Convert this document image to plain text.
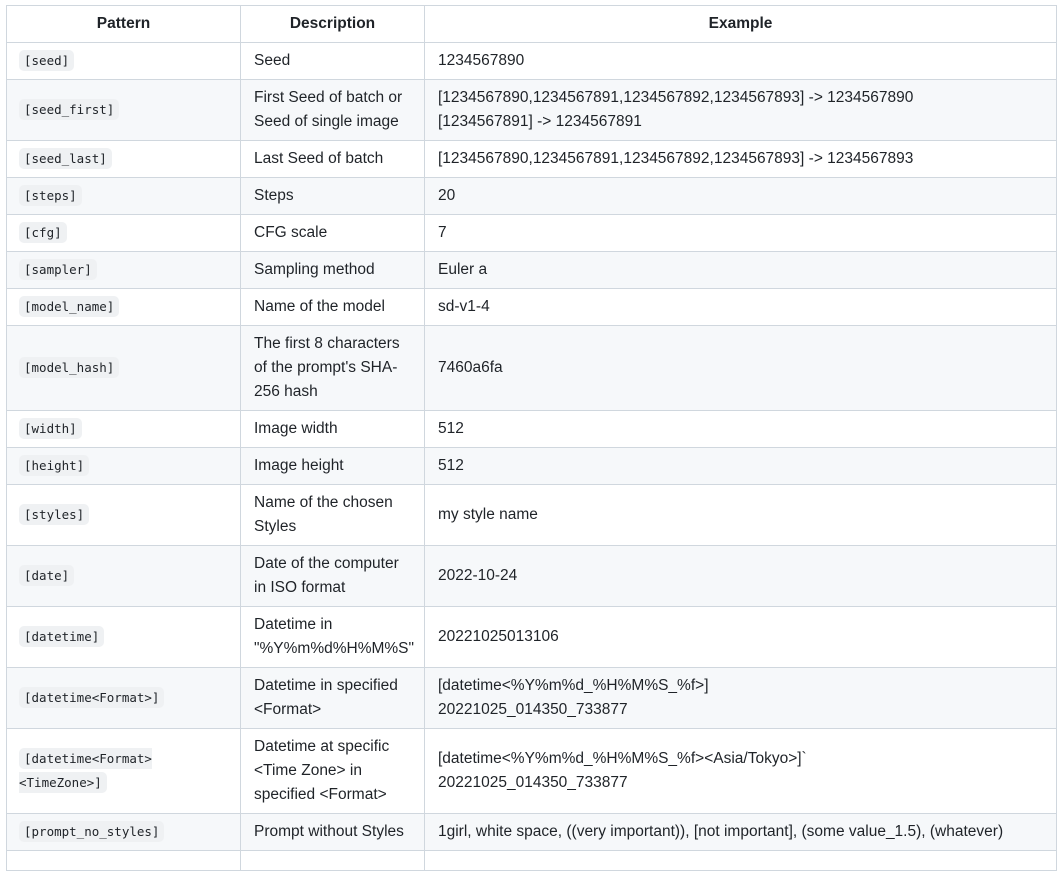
Pattern	Description	Example
[seed]	Seed	1234567890

[seed_first]	First Seed of batch or Seed of single image	[1234567890,1234567891,1234567892,1234567893] -> 1234567890
[1234567891] -> 1234567891

[seed_last]	Last Seed of batch	[1234567890,1234567891,1234567892,1234567893] -> 1234567893

[steps]	Steps	20

[cfg]	CFG scale	7

[sampler]	Sampling method	Euler a

[model_name]	Name of the model	sd-v1-4

[model_hash]	The first 8 characters of the prompt's SHA-256 hash	7460a6fa

[width]	Image width	512

[height]	Image height	512

[styles]	Name of the chosen Styles	my style name

[date]	Date of the computer in ISO format	2022-10-24

[datetime]	Datetime in "%Y%m%d%H%M%S"	20221025013106

[datetime<Format>]	Datetime in specified <Format>	[datetime<%Y%m%d_%H%M%S_%f>]
20221025_014350_733877

[datetime<Format><TimeZone>]	Datetime at specific <Time Zone> in specified <Format>	[datetime<%Y%m%d_%H%M%S_%f><Asia/Tokyo>]`
20221025_014350_733877

[prompt_no_styles]	Prompt without Styles	1girl, white space, ((very important)), [not important], (some value_1.5), (whatever)
